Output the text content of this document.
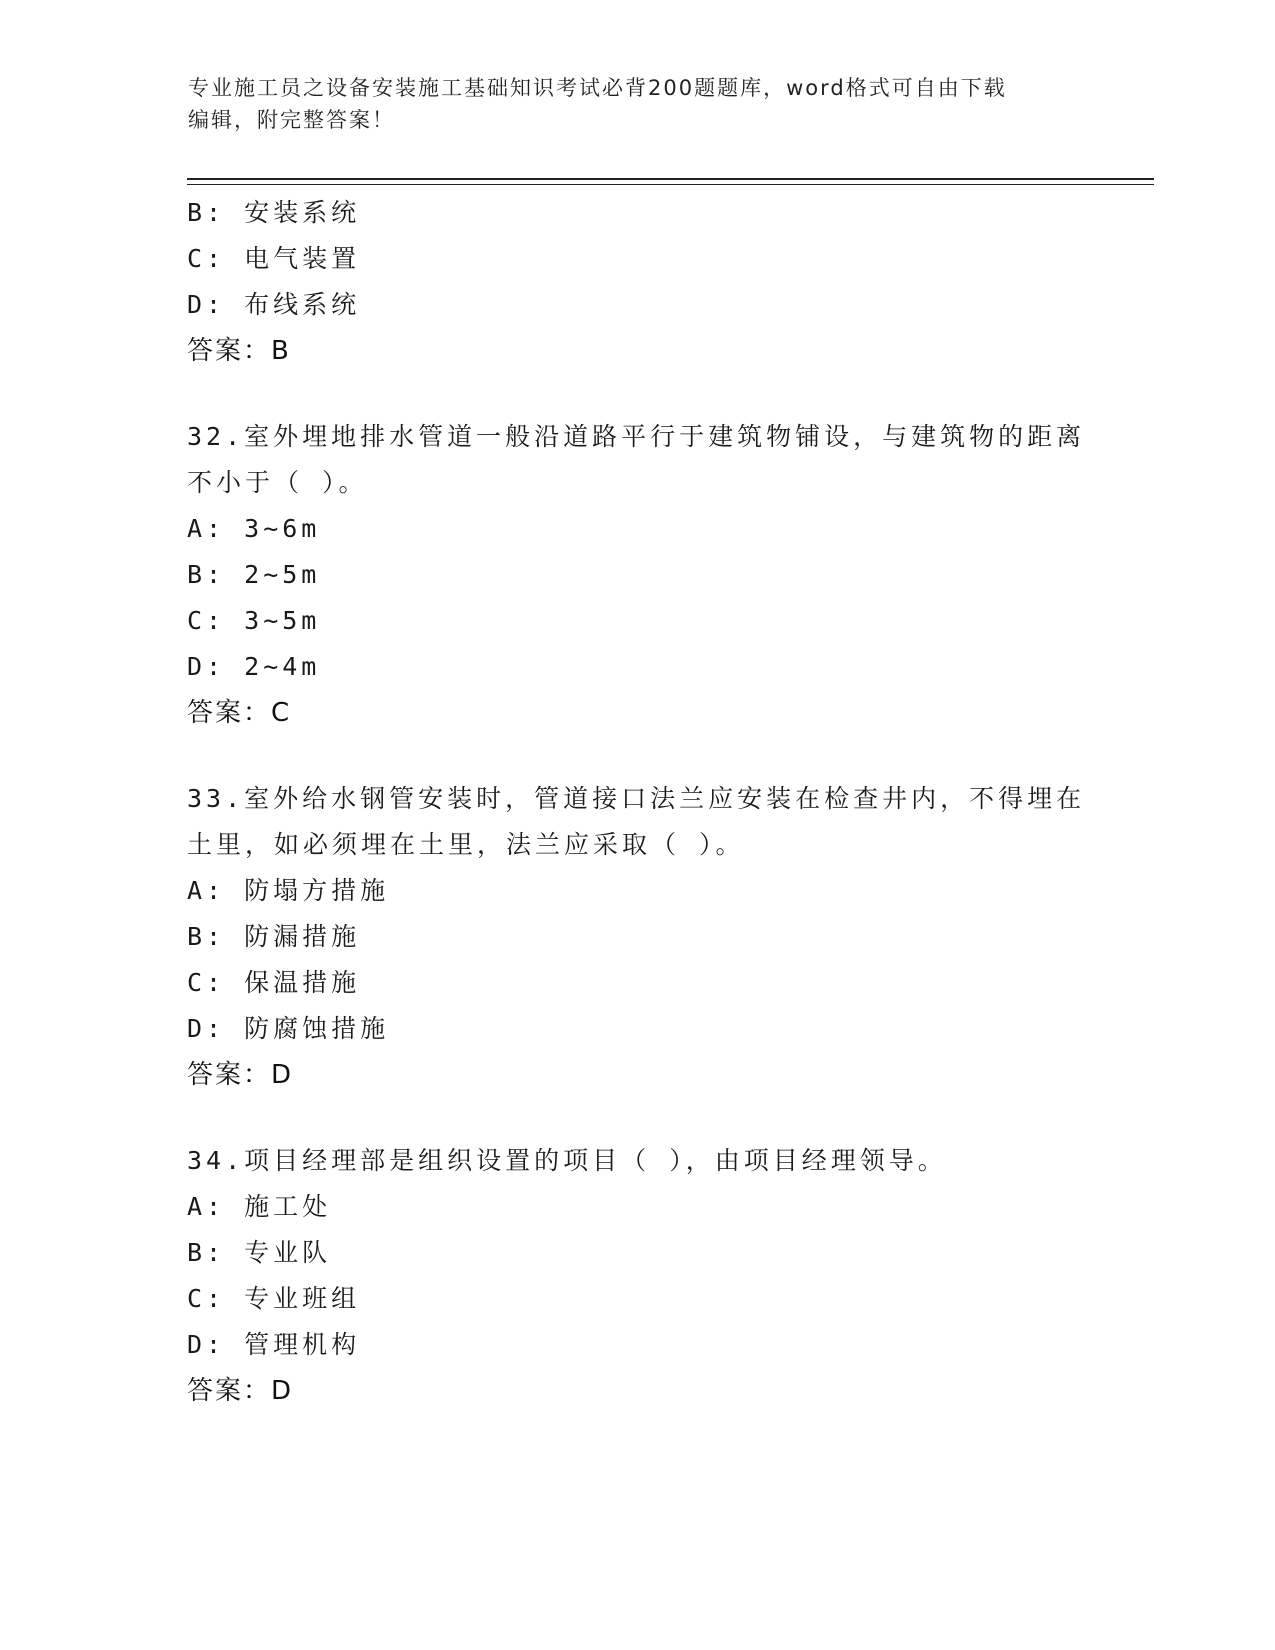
专业施工员之设备安装施工基础知识考试必背200题题库，word格式可自由下载
编辑，附完整答案！
B: 安装系统
C: 电气装置
D: 布线系统
答案：B
32.室外埋地排水管道一般沿道路平行于建筑物铺设，与建筑物的距离
不小于（ ）。
A: 3~6m
B: 2~5m
C: 3~5m
D: 2~4m
答案：C
33.室外给水钢管安装时，管道接口法兰应安装在检查井内，不得埋在
土里，如必须埋在土里，法兰应采取（ ）。
A: 防塌方措施
B: 防漏措施
C: 保温措施
D: 防腐蚀措施
答案：D
34.项目经理部是组织设置的项目（ ），由项目经理领导。
A: 施工处
B: 专业队
C: 专业班组
D: 管理机构
答案：D
